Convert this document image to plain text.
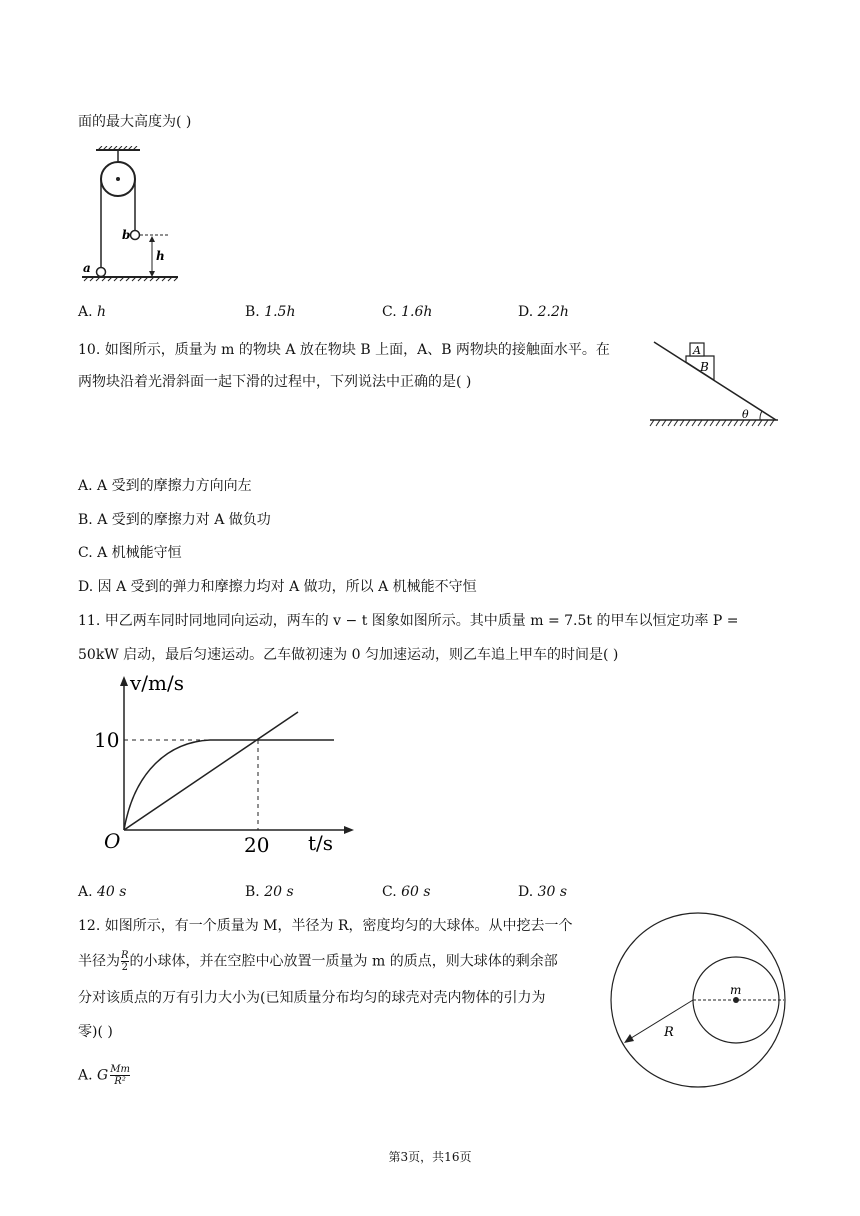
面的最大高度为( )
a
b
h
A. h	B. 1.5h	C. 1.6h	D. 2.2h
10. 如图所示，质量为 m 的物块 A 放在物块 B 上面，A、B 两物块的接触面水平。在
两物块沿着光滑斜面一起下滑的过程中，下列说法中正确的是( )
A
B
θ
A. A 受到的摩擦力方向向左
B. A 受到的摩擦力对 A 做负功
C. A 机械能守恒
D. 因 A 受到的弹力和摩擦力均对 A 做功，所以 A 机械能不守恒
11. 甲乙两车同时同地同向运动，两车的 v − t 图象如图所示。其中质量 m = 7.5t 的甲车以恒定功率 P =
50kW 启动，最后匀速运动。乙车做初速为 0 匀加速运动，则乙车追上甲车的时间是( )
v/m/s
t/s
O
10
20
A. 40 s	B. 20 s	C. 60 s	D. 30 s
12. 如图所示，有一个质量为 M，半径为 R，密度均匀的大球体。从中挖去一个
半径为 $\frac{R}{2}$ 的小球体，并在空腔中心放置一质量为 m 的质点，则大球体的剩余部
分对该质点的万有引力大小为(已知质量分布均匀的球壳对壳内物体的引力为
零)( )
A. G $\frac{Mm}{\text{R²}}$
m
R
第3页，共16页
